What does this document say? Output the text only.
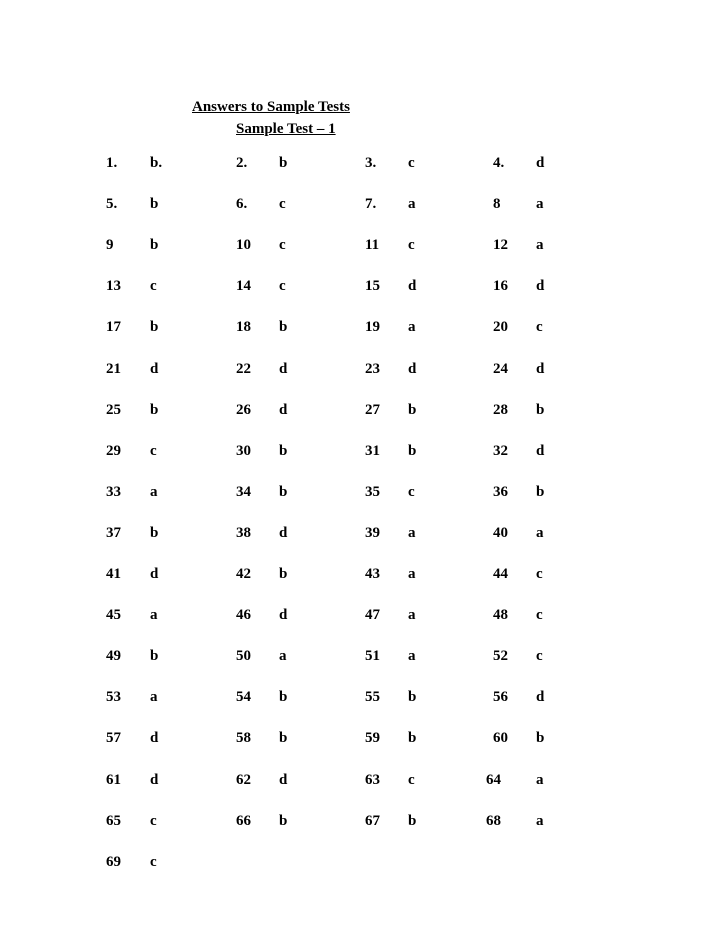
Answers to Sample Tests
Sample Test – 1
1. b.	2. b	3. c	4. d
5. b	6. c	7. a	8 a
9 b	10 c	11 c	12 a
13 c	14 c	15 d	16 d
17 b	18 b	19 a	20 c
21 d	22 d	23 d	24 d
25 b	26 d	27 b	28 b
29 c	30 b	31 b	32 d
33 a	34 b	35 c	36 b
37 b	38 d	39 a	40 a
41 d	42 b	43 a	44 c
45 a	46 d	47 a	48 c
49 b	50 a	51 a	52 c
53 a	54 b	55 b	56 d
57 d	58 b	59 b	60 b
61 d	62 d	63 c	64 a
65 c	66 b	67 b	68 a
69 c
